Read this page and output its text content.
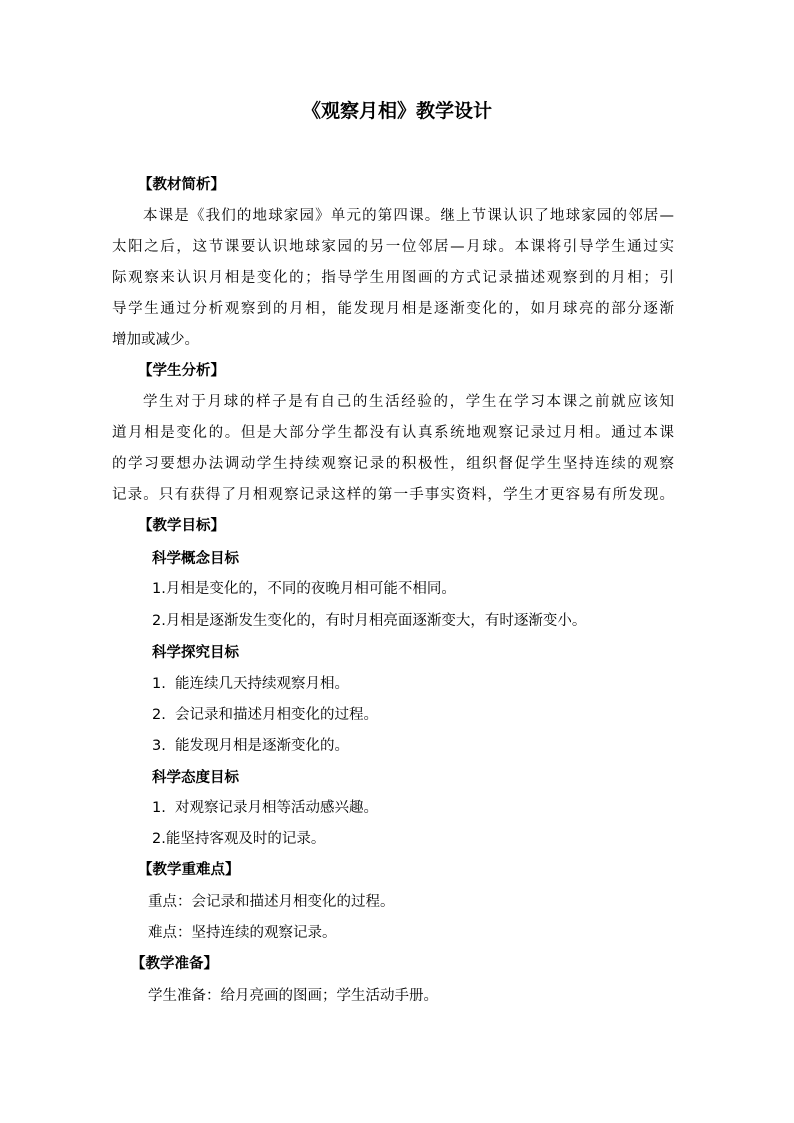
《观察月相》教学设计
【教材简析】
本课是《我们的地球家园》单元的第四课。继上节课认识了地球家园的邻居—
太阳之后，这节课要认识地球家园的另一位邻居—月球。本课将引导学生通过实
际观察来认识月相是变化的；指导学生用图画的方式记录描述观察到的月相；引
导学生通过分析观察到的月相，能发现月相是逐渐变化的，如月球亮的部分逐渐
增加或减少。
【学生分析】
学生对于月球的样子是有自己的生活经验的，学生在学习本课之前就应该知
道月相是变化的。但是大部分学生都没有认真系统地观察记录过月相。通过本课
的学习要想办法调动学生持续观察记录的积极性，组织督促学生坚持连续的观察
记录。只有获得了月相观察记录这样的第一手事实资料，学生才更容易有所发现。
【教学目标】
科学概念目标
1.月相是变化的，不同的夜晚月相可能不相同。
2.月相是逐渐发生变化的，有时月相亮面逐渐变大，有时逐渐变小。
科学探究目标
1.  能连续几天持续观察月相。
2.  会记录和描述月相变化的过程。
3.  能发现月相是逐渐变化的。
科学态度目标
1.  对观察记录月相等活动感兴趣。
2.能坚持客观及时的记录。
【教学重难点】
重点：会记录和描述月相变化的过程。
难点：坚持连续的观察记录。
【教学准备】
学生准备：给月亮画的图画；学生活动手册。
